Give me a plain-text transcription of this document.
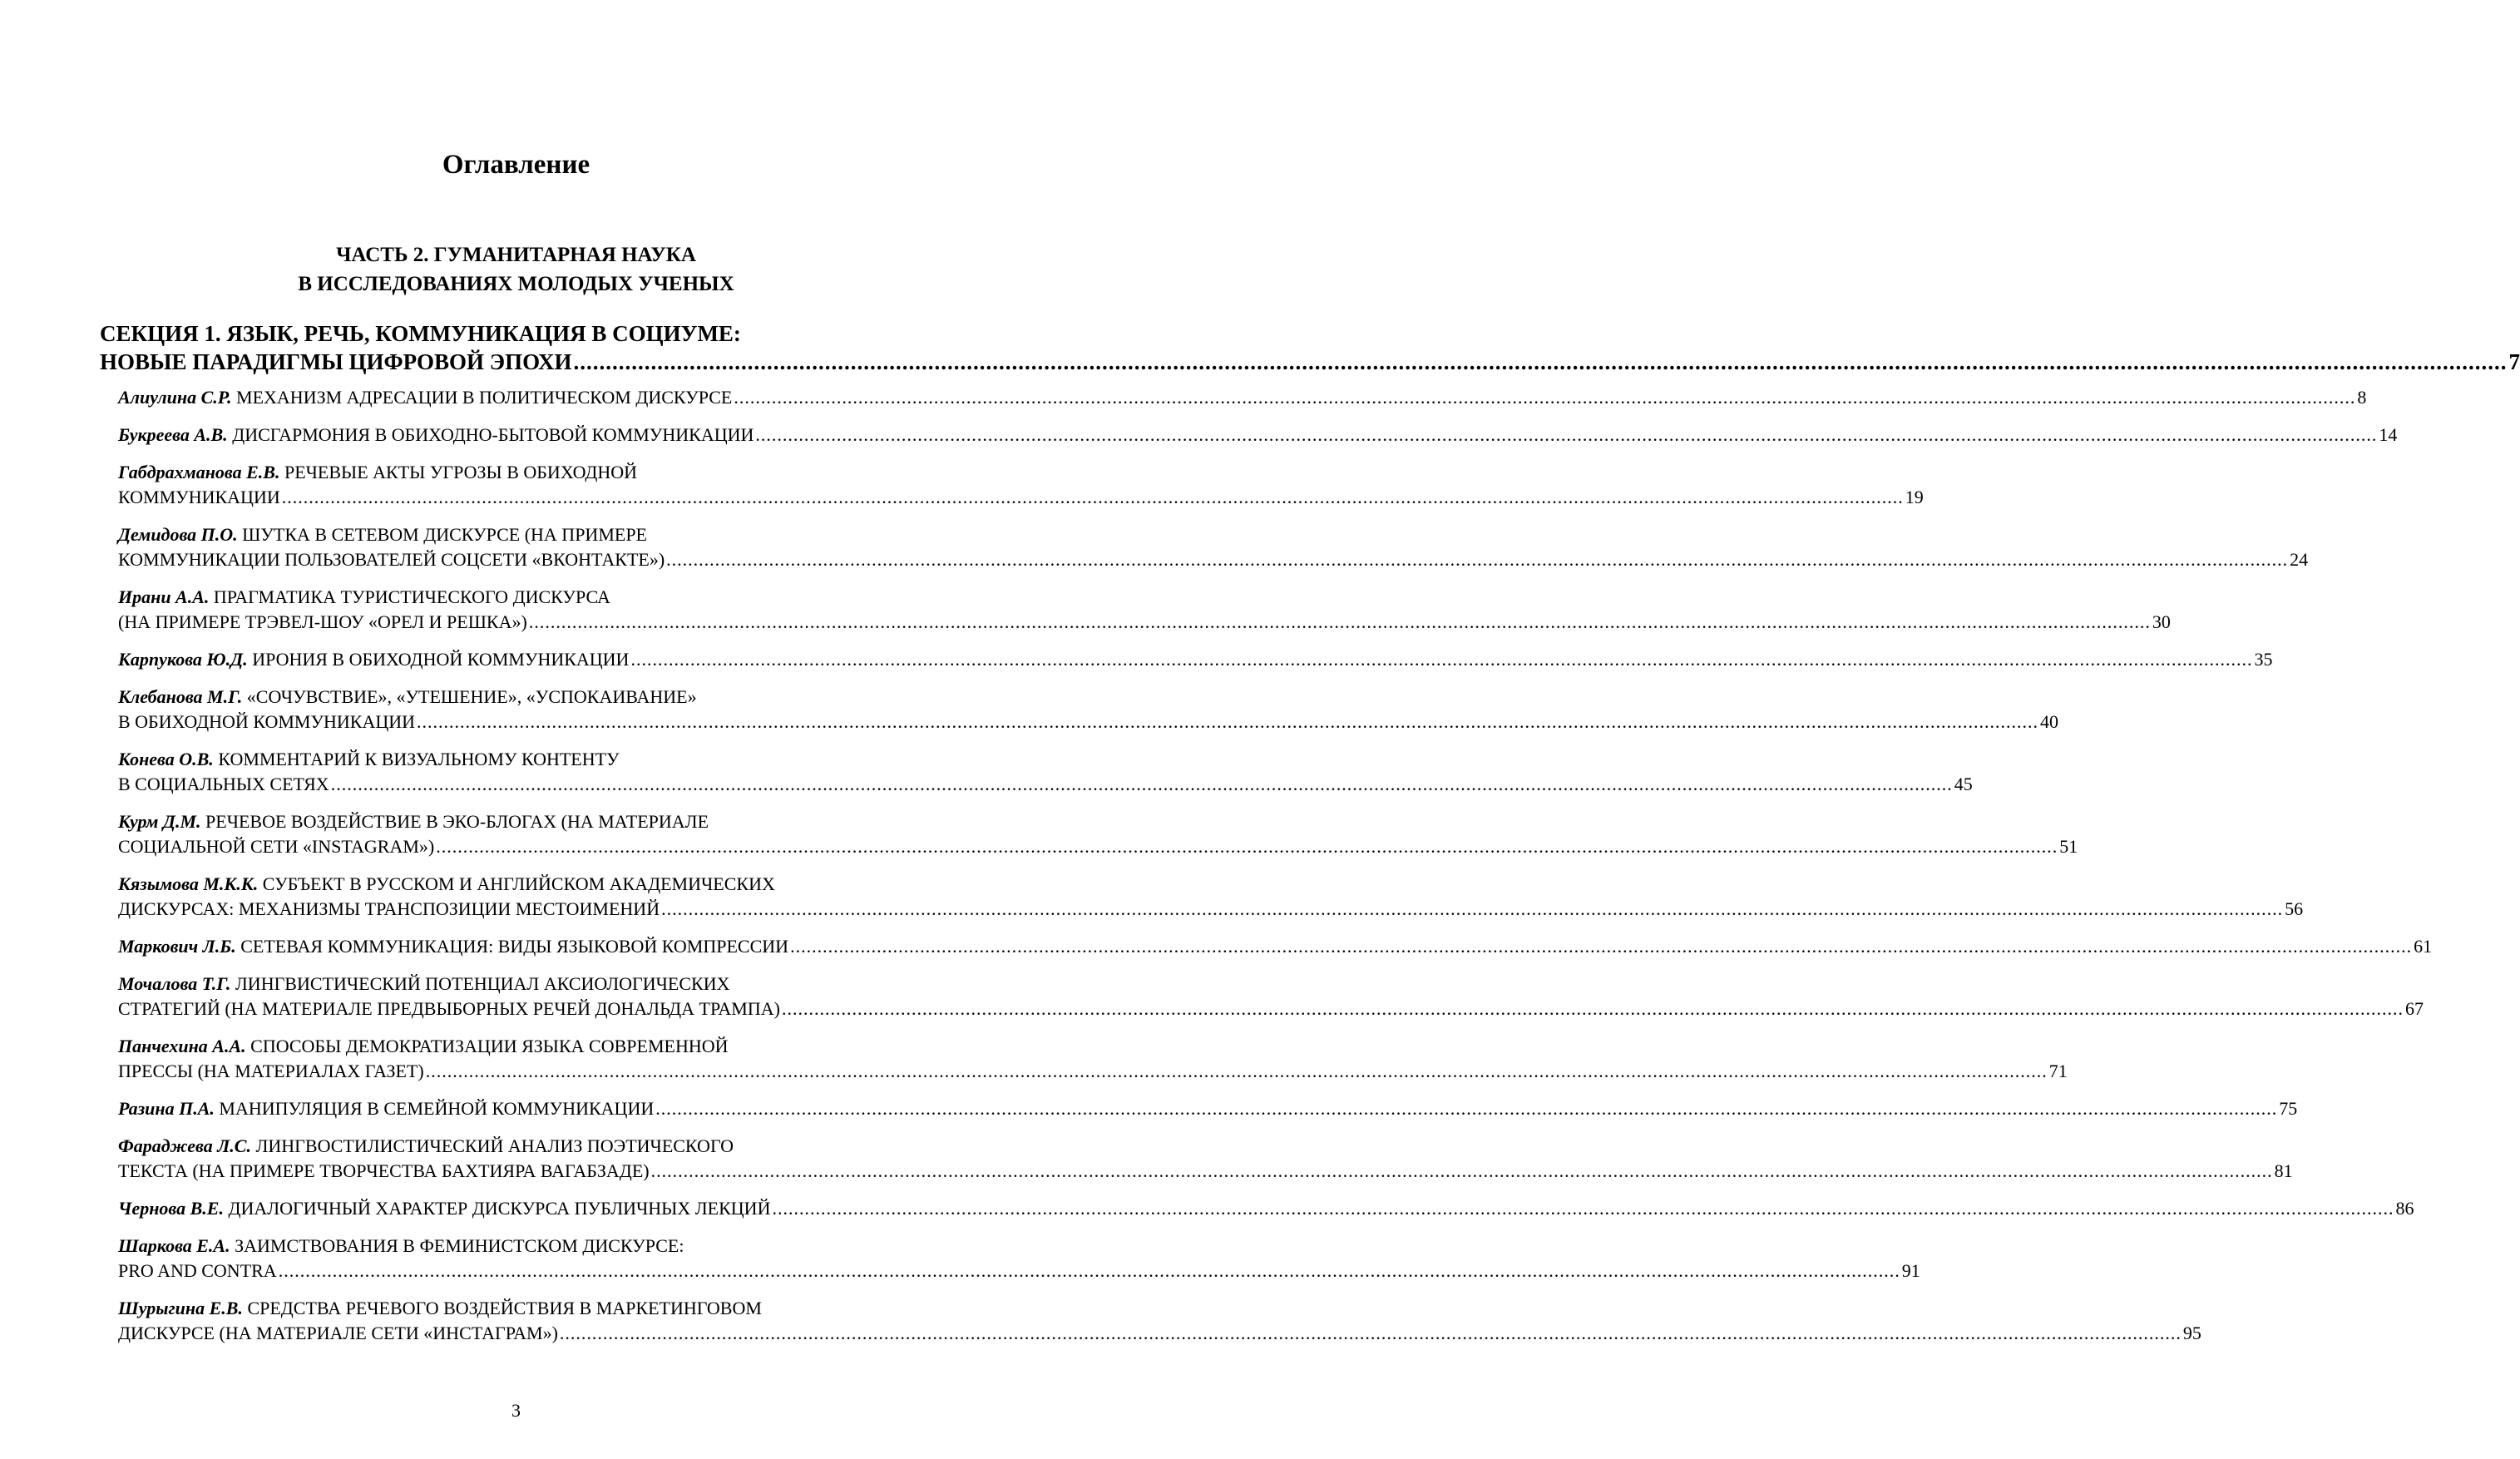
Оглавление
ЧАСТЬ 2. ГУМАНИТАРНАЯ НАУКА
В ИССЛЕДОВАНИЯХ МОЛОДЫХ УЧЕНЫХ
СЕКЦИЯ 1. ЯЗЫК, РЕЧЬ, КОММУНИКАЦИЯ В СОЦИУМЕ:
НОВЫЕ ПАРАДИГМЫ ЦИФРОВОЙ ЭПОХИ ............................................................................................................................................................................................................................................................................................................ 7
Алиулина С.Р. МЕХАНИЗМ АДРЕСАЦИИ В ПОЛИТИЧЕСКОМ ДИСКУРСЕ ............................................................................................................................................................................................................................................................................................................ 8
Букреева А.В. ДИСГАРМОНИЯ В ОБИХОДНО-БЫТОВОЙ КОММУНИКАЦИИ ............................................................................................................................................................................................................................................................................................................ 14
Габдрахманова Е.В. РЕЧЕВЫЕ АКТЫ УГРОЗЫ В ОБИХОДНОЙ
КОММУНИКАЦИИ ............................................................................................................................................................................................................................................................................................................ 19
Демидова П.О. ШУТКА В СЕТЕВОМ ДИСКУРСЕ (НА ПРИМЕРЕ
КОММУНИКАЦИИ ПОЛЬЗОВАТЕЛЕЙ СОЦСЕТИ «ВКОНТАКТЕ») ............................................................................................................................................................................................................................................................................................................ 24
Ирани А.А. ПРАГМАТИКА ТУРИСТИЧЕСКОГО ДИСКУРСА
(НА ПРИМЕРЕ ТРЭВЕЛ-ШОУ «ОРЕЛ И РЕШКА») ............................................................................................................................................................................................................................................................................................................ 30
Карпукова Ю.Д. ИРОНИЯ В ОБИХОДНОЙ КОММУНИКАЦИИ ............................................................................................................................................................................................................................................................................................................ 35
Клебанова М.Г. «СОЧУВСТВИЕ», «УТЕШЕНИЕ», «УСПОКАИВАНИЕ»
В ОБИХОДНОЙ КОММУНИКАЦИИ ............................................................................................................................................................................................................................................................................................................ 40
Конева О.В. КОММЕНТАРИЙ К ВИЗУАЛЬНОМУ КОНТЕНТУ
В СОЦИАЛЬНЫХ СЕТЯХ ............................................................................................................................................................................................................................................................................................................ 45
Курм Д.М. РЕЧЕВОЕ ВОЗДЕЙСТВИЕ В ЭКО-БЛОГАХ (НА МАТЕРИАЛЕ
СОЦИАЛЬНОЙ СЕТИ «INSTAGRAM») ............................................................................................................................................................................................................................................................................................................ 51
Кязымова М.К.К. СУБЪЕКТ В РУССКОМ И АНГЛИЙСКОМ АКАДЕМИЧЕСКИХ
ДИСКУРСАХ: МЕХАНИЗМЫ ТРАНСПОЗИЦИИ МЕСТОИМЕНИЙ ............................................................................................................................................................................................................................................................................................................ 56
Маркович Л.Б. СЕТЕВАЯ КОММУНИКАЦИЯ: ВИДЫ ЯЗЫКОВОЙ КОМПРЕССИИ ............................................................................................................................................................................................................................................................................................................ 61
Мочалова Т.Г. ЛИНГВИСТИЧЕСКИЙ ПОТЕНЦИАЛ АКСИОЛОГИЧЕСКИХ
СТРАТЕГИЙ (НА МАТЕРИАЛЕ ПРЕДВЫБОРНЫХ РЕЧЕЙ ДОНАЛЬДА ТРАМПА) ............................................................................................................................................................................................................................................................................................................ 67
Панчехина А.А. СПОСОБЫ ДЕМОКРАТИЗАЦИИ ЯЗЫКА СОВРЕМЕННОЙ
ПРЕССЫ (НА МАТЕРИАЛАХ ГАЗЕТ) ............................................................................................................................................................................................................................................................................................................ 71
Разина П.А. МАНИПУЛЯЦИЯ В СЕМЕЙНОЙ КОММУНИКАЦИИ ............................................................................................................................................................................................................................................................................................................ 75
Фараджева Л.С. ЛИНГВОСТИЛИСТИЧЕСКИЙ АНАЛИЗ ПОЭТИЧЕСКОГО
ТЕКСТА (НА ПРИМЕРЕ ТВОРЧЕСТВА БАХТИЯРА ВАГАБЗАДЕ) ............................................................................................................................................................................................................................................................................................................ 81
Чернова В.Е. ДИАЛОГИЧНЫЙ ХАРАКТЕР ДИСКУРСА ПУБЛИЧНЫХ ЛЕКЦИЙ ............................................................................................................................................................................................................................................................................................................ 86
Шаркова Е.А. ЗАИМСТВОВАНИЯ В ФЕМИНИСТСКОМ ДИСКУРСЕ:
PRO AND CONTRA ............................................................................................................................................................................................................................................................................................................ 91
Шурыгина Е.В. СРЕДСТВА РЕЧЕВОГО ВОЗДЕЙСТВИЯ В МАРКЕТИНГОВОМ
ДИСКУРСЕ (НА МАТЕРИАЛЕ СЕТИ «ИНСТАГРАМ») ............................................................................................................................................................................................................................................................................................................ 95
3
